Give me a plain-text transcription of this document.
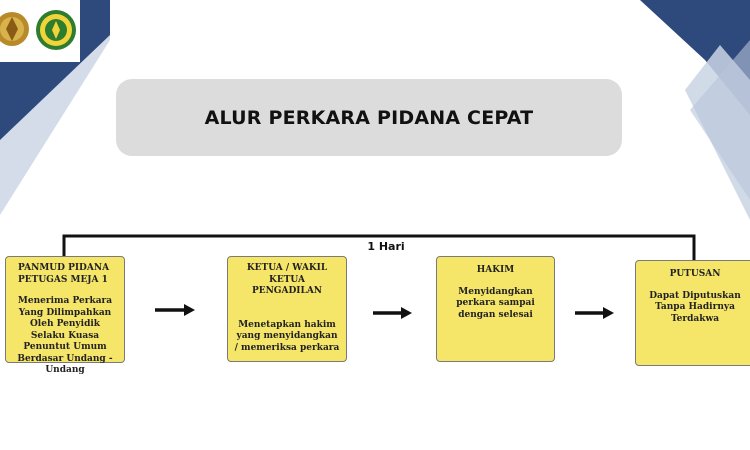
ALUR PERKARA PIDANA CEPAT
1 Hari
PANMUD PIDANA PETUGAS MEJA 1
Menerima Perkara Yang Dilimpahkan Oleh Penyidik Selaku Kuasa Penuntut Umum Berdasar Undang - Undang
KETUA / WAKIL KETUA PENGADILAN
Menetapkan hakim yang menyidangkan / memeriksa perkara
HAKIM
Menyidangkan perkara sampai dengan selesai
PUTUSAN
Dapat Diputuskan Tanpa Hadirnya Terdakwa
